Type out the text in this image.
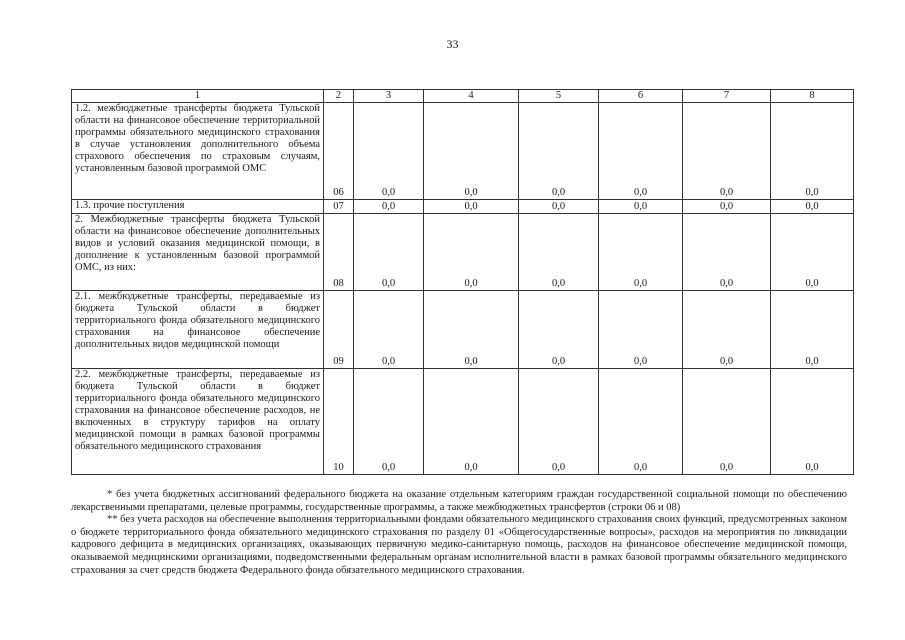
33
1	2	3	4	5	6	7	8
1.2. межбюджетные трансферты бюджета Тульской области на финансовое обеспечение территориальной программы обязательного медицинского страхования в случае установления дополнительного объема страхового обеспечения по страховым случаям, установленным базовой программой ОМС	06	0,0	0,0	0,0	0,0	0,0	0,0
1.3. прочие поступления	07	0,0	0,0	0,0	0,0	0,0	0,0
2. Межбюджетные трансферты бюджета Тульской области на финансовое обеспечение дополнительных видов и условий оказания медицинской помощи, в дополнение к установленным базовой программой ОМС, из них:	08	0,0	0,0	0,0	0,0	0,0	0,0
2.1. межбюджетные трансферты, передаваемые из бюджета Тульской области в бюджет территориального фонда обязательного медицинского страхования на финансовое обеспечение дополнительных видов медицинской помощи	09	0,0	0,0	0,0	0,0	0,0	0,0
2.2. межбюджетные трансферты, передаваемые из бюджета Тульской области в бюджет территориального фонда обязательного медицинского страхования на финансовое обеспечение расходов, не включенных в структуру тарифов на оплату медицинской помощи в рамках базовой программы обязательного медицинского страхования	10	0,0	0,0	0,0	0,0	0,0	0,0

* без учета бюджетных ассигнований федерального бюджета на оказание отдельным категориям граждан государственной социальной помощи по обеспечению лекарственными препаратами, целевые программы, государственные программы, а также межбюджетных трансфертов (строки 06 и 08)

** без учета расходов на обеспечение выполнения территориальными фондами обязательного медицинского страхования своих функций, предусмотренных законом о бюджете территориального фонда обязательного медицинского страхования по разделу 01 «Общегосударственные вопросы», расходов на мероприятия по ликвидации кадрового дефицита в медицинских организациях, оказывающих первичную медико-санитарную помощь, расходов на финансовое обеспечение медицинской помощи, оказываемой медицинскими организациями, подведомственными федеральным органам исполнительной власти в рамках базовой программы обязательного медицинского страхования за счет средств бюджета Федерального фонда обязательного медицинского страхования.
